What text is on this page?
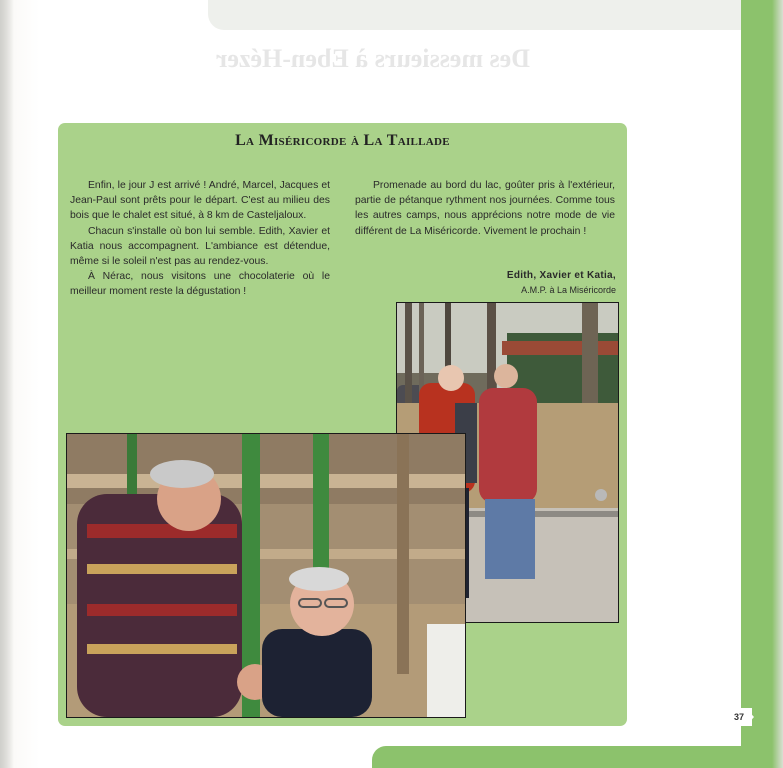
Des messieurs à Eben-Hézer
La Miséricorde à La Taillade

Enfin, le jour J est arrivé ! André, Marcel, Jacques et Jean-Paul sont prêts pour le départ. C'est au milieu des bois que le chalet est situé, à 8 km de Casteljaloux.

Chacun s'installe où bon lui semble. Edith, Xavier et Katia nous accompagnent. L'ambiance est détendue, même si le soleil n'est pas au rendez-vous.

À Nérac, nous visitons une chocolaterie où le meilleur moment reste la dégustation !

Promenade au bord du lac, goûter pris à l'extérieur, partie de pétanque rythment nos journées. Comme tous les autres camps, nous apprécions notre mode de vie différent de La Miséricorde. Vivement le prochain !

Edith, Xavier et Katia,
A.M.P. à La Miséricorde
37
